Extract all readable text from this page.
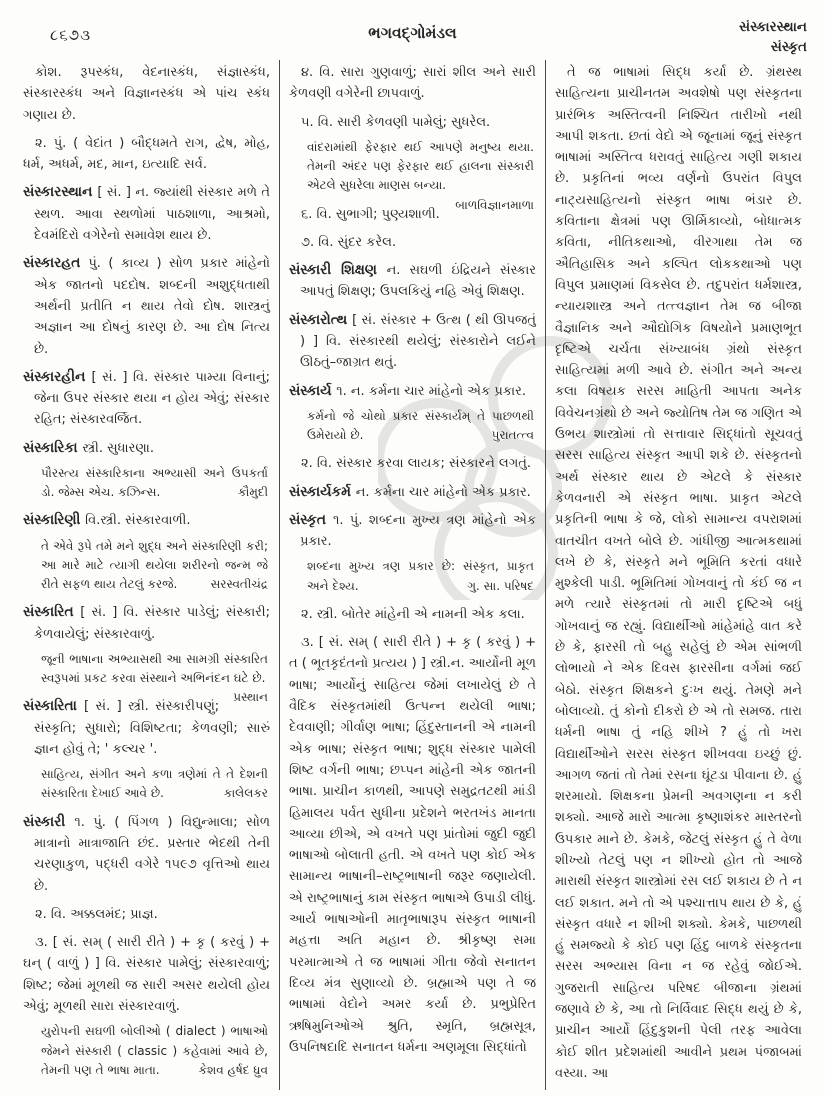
૮૬૭૩	ભગવદ્ગોમંડલ	સંસ્કારસ્થાન
સંસ્કૃત
કોશ. રૂપસ્કંધ, વેદનાસ્કંધ, સંજ્ઞાસ્કંધ, સંસ્કારસ્કંધ અને વિજ્ઞાનસ્કંધ એ પાંચ સ્કંધ ગણાય છે.
૨. પું. ( વેદાંત ) બૌદ્ધમતે રાગ, દ્વેષ, મોહ, ધર્મ, અધર્મ, મદ, માન, ઇત્યાદિ સર્વ.
સંસ્કારસ્થાન [ સં. ] ન. જ્યાંથી સંસ્કાર મળે તે સ્થળ. આવા સ્થળોમાં પાઠશાળા, આશ્રમો, દેવમંદિરો વગેરેનો સમાવેશ થાય છે.
સંસ્કારહત પું. ( કાવ્ય ) સોળ પ્રકાર માંહેનો એક જાતનો પદદોષ. શબ્દની અશુદ્ધતાથી અર્થની પ્રતીતિ ન થાય તેવો દોષ. શાસ્ત્રનું અજ્ઞાન આ દોષનું કારણ છે. આ દોષ નિત્ય છે.
સંસ્કારહીન [ સં. ] વિ. સંસ્કાર પામ્યા વિનાનું; જેના ઉપર સંસ્કાર થયા ન હોય એવું; સંસ્કાર રહિત; સંસ્કારવર્જિત.
સંસ્કારિકા સ્ત્રી. સુધારણા.
પૌરસ્ત્ય સંસ્કારિકાના અભ્યાસી અને ઉપકર્તા ડો. જેમ્સ એચ. કઝિન્સ.	કૌમુદી
સંસ્કારિણી વિ.સ્ત્રી. સંસ્કારવાળી.
તે એવે રૂપે તમે મને શુદ્ધ અને સંસ્કારિણી કરી; આ મારે માટે ત્યાગી થયેલા શરીરનો જન્મ જે રીતે સફળ થાય તેટલું કરજે.	સરસ્વતીચંદ્ર
સંસ્કારિત [ સં. ] વિ. સંસ્કાર પાડેલું; સંસ્કારી; કેળવાયેલું; સંસ્કારવાળું.
જૂની ભાષાના અભ્યાસથી આ સામગ્રી સંસ્કારિત સ્વરૂપમાં પ્રકટ કરવા સંસ્થાને અભિનંદન ઘટે છે.
પ્રસ્થાન
સંસ્કારિતા [ સં. ] સ્ત્રી. સંસ્કારીપણું; સંસ્કૃતિ; સુધારો; વિશિષ્ટતા; કેળવણી; સારું જ્ઞાન હોવું તે; ' કલ્ચર '.
સાહિત્ય, સંગીત અને કળા ત્રણેમાં તે તે દેશની સંસ્કારિતા દેખાઈ આવે છે.	કાલેલકર
સંસ્કારી ૧. પું. ( પિંગળ ) વિદ્યુન્માલા; સોળ માત્રાનો માત્રાજાતિ છંદ. પ્રસ્તાર ભેદથી તેની ચરણાકુળ, પદ્ધરી વગેરે ૧૫૯૭ વૃત્તિઓ થાય છે.
૨. વિ. અક્કલમંદ; પ્રાજ્ઞ.
૩. [ સં. સમ્ ( સારી રીતે ) + કૃ ( કરવું ) + ઘન્ ( વાળું ) ] વિ. સંસ્કાર પામેલું; સંસ્કારવાળું; શિષ્ટ; જેમાં મૂળથી જ સારી અસર થયેલી હોય એવું; મૂળથી સારા સંસ્કારવાળું.
યુરોપની સઘળી બોલીઓ ( dialect ) ભાષાઓ જેમને સંસ્કારી ( classic ) કહેવામાં આવે છે, તેમની પણ તે ભાષા માતા.	કેશવ હર્ષદ ધ્રુવ
૪. વિ. સારા ગુણવાળું; સારાં શીલ અને સારી કેળવણી વગેરેની છાપવાળું.
૫. વિ. સારી કેળવણી પામેલું; સુધરેલ.
વાંદરામાંથી ફેરફાર થઈ આપણે મનુષ્ય થયા. તેમની અંદર પણ ફેરફાર થઈ હાલના સંસ્કારી એટલે સુધરેલા માણસ બન્યા.
બાળવિજ્ઞાનમાળા
૬. વિ. સુભાગી; પુણ્યશાળી.
૭. વિ. સુંદર કરેલ.
સંસ્કારી શિક્ષણ ન. સઘળી ઇંદ્રિયને સંસ્કાર આપતું શિક્ષણ; ઉપલકિયું નહિ એવું શિક્ષણ.
સંસ્કારોત્થ [ સં. સંસ્કાર + ઉત્થ ( થી ઊપજતું ) ] વિ. સંસ્કારથી થયેલું; સંસ્કારોને લઈને ઊઠતું–જાગ્રત થતું.
સંસ્કાર્ય ૧. ન. કર્મના ચાર માંહેનો એક પ્રકાર.
કર્મનો જે ચોથો પ્રકાર સંસ્કાર્યમ્ તે પાછળથી ઉમેરાયો છે.	પુરાતત્ત્વ
૨. વિ. સંસ્કાર કરવા લાયક; સંસ્કારને લગતું.
સંસ્કાર્યકર્મ ન. કર્મના ચાર માંહેનો એક પ્રકાર.
સંસ્કૃત ૧. પું. શબ્દના મુખ્ય ત્રણ માંહેનો એક પ્રકાર.
શબ્દના મુખ્ય ત્રણ પ્રકાર છે: સંસ્કૃત, પ્રાકૃત અને દેશ્ય.	ગુ. સા. પરિષદ
૨. સ્ત્રી. બોતેર માંહેની એ નામની એક કલા.
૩. [ સં. સમ્ ( સારી રીતે ) + કૃ ( કરવું ) + ત ( ભૂતકૃદંતનો પ્રત્યય ) ] સ્ત્રી.ન. આર્યોની મૂળ ભાષા; આર્યોનું સાહિત્ય જેમાં લખાયેલું છે તે વૈદિક સંસ્કૃતમાંથી ઉત્પન્ન થયેલી ભાષા; દેવવાણી; ગીર્વાણ ભાષા; હિંદુસ્તાનની એ નામની એક ભાષા; સંસ્કૃત ભાષા; શુદ્ધ સંસ્કાર પામેલી શિષ્ટ વર્ગની ભાષા; છપ્પન માંહેની એક જાતની ભાષા. પ્રાચીન કાળથી, આપણે સમુદ્રતટથી માંડી હિમાલય પર્વત સુધીના પ્રદેશને ભરતખંડ માનતા આવ્યા છીએ, એ વખતે પણ પ્રાંતોમાં જુદી જુદી ભાષાઓ બોલાતી હતી. એ વખતે પણ કોઈ એક સામાન્ય ભાષાની–રાષ્ટ્રભાષાની જરૂર જણાયેલી. એ રાષ્ટ્રભાષાનું કામ સંસ્કૃત ભાષાએ ઉપાડી લીધું. આર્ય ભાષાઓની માતૃભાષારૂપ સંસ્કૃત ભાષાની મહત્તા અતિ મહાન છે. શ્રીકૃષ્ણ સમા પરમાત્માએ તે જ ભાષામાં ગીતા જેવો સનાતન દિવ્ય મંત્ર સુણાવ્યો છે. બ્રહ્માએ પણ તે જ ભાષામાં વેદોને અમર કર્યા છે. પ્રભુપ્રેરિત ઋષિમુનિઓએ શ્રુતિ, સ્મૃતિ, બ્રહ્મસૂત્ર, ઉપનિષદાદિ સનાતન ધર્મના અણમૂલા સિદ્ધાંતો
તે જ ભાષામાં સિદ્ધ કર્યા છે. ગ્રંથસ્થ સાહિત્યના પ્રાચીનતમ અવશેષો પણ સંસ્કૃતના પ્રારંભિક અસ્તિત્વની નિશ્ચિત તારીખો નથી આપી શકતા. છતાં વેદો એ જૂનામાં જૂનું સંસ્કૃત ભાષામાં અસ્તિત્વ ધરાવતું સાહિત્ય ગણી શકાય છે. પ્રકૃતિનાં ભવ્ય વર્ણનો ઉપરાંત વિપુલ નાટ્યસાહિત્યનો સંસ્કૃત ભાષા ભંડાર છે. કવિતાના ક્ષેત્રમાં પણ ઊર્મિકાવ્યો, બોધાત્મક કવિતા, નીતિકથાઓ, વીરગાથા તેમ જ ઐતિહાસિક અને કલ્પિત લોકકથાઓ પણ વિપુલ પ્રમાણમાં વિકસેલ છે. તદુપરાંત ધર્મશાસ્ત્ર, ન્યાયશાસ્ત્ર અને તત્ત્વજ્ઞાન તેમ જ બીજા વૈજ્ઞાનિક અને ઔદ્યોગિક વિષયોને પ્રમાણભૂત દૃષ્ટિએ ચર્ચતા સંખ્યાબંધ ગ્રંથો સંસ્કૃત સાહિત્યમાં મળી આવે છે. સંગીત અને અન્ય કલા વિષયક સરસ માહિતી આપતા અનેક વિવેચનગ્રંથો છે અને જ્યોતિષ તેમ જ ગણિત એ ઉભય શાસ્ત્રોમાં તો સત્તાવાર સિદ્ધાંતો સૂચવતું સરસ સાહિત્ય સંસ્કૃત આપી શકે છે. સંસ્કૃતનો અર્થ સંસ્કાર થાય છે એટલે કે સંસ્કાર કેળવનારી એ સંસ્કૃત ભાષા. પ્રાકૃત એટલે પ્રકૃતિની ભાષા કે જે, લોકો સામાન્ય વપરાશમાં વાતચીત વખતે બોલે છે. ગાંધીજી આત્મકથામાં લખે છે કે, સંસ્કૃતે મને ભૂમિતિ કરતાં વધારે મુશ્કેલી પાડી. ભૂમિતિમાં ગોખવાનું તો કંઈ જ ન મળે ત્યારે સંસ્કૃતમાં તો મારી દૃષ્ટિએ બધું ગોખવાનું જ રહ્યું. વિદ્યાર્થીઓ માંહેમાંહે વાત કરે છે કે, ફારસી તો બહુ સહેલું છે એમ સાંભળી લોભાયો ને એક દિવસ ફારસીના વર્ગમાં જઈ બેઠો. સંસ્કૃત શિક્ષકને દુઃખ થયું. તેમણે મને બોલાવ્યો. તું કોનો દીકરો છે એ તો સમજ. તારા ધર્મની ભાષા તું નહિ શીખે ? હું તો ખરા વિદ્યાર્થીઓને સરસ સંસ્કૃત શીખવવા ઇચ્છું છું. આગળ જતાં તો તેમાં રસના ઘૂંટડા પીવાના છે. હું શરમાયો. શિક્ષકના પ્રેમની અવગણના ન કરી શક્યો. આજે મારો આત્મા કૃષ્ણાશંકર માસ્તરનો ઉપકાર માને છે. કેમકે, જેટલું સંસ્કૃત હું તે વેળા શીખ્યો તેટલું પણ ન શીખ્યો હોત તો આજે મારાથી સંસ્કૃત શાસ્ત્રોમાં રસ લઈ શકાય છે તે ન લઈ શકાત. મને તો એ પશ્ચાત્તાપ થાય છે કે, હું સંસ્કૃત વધારે ન શીખી શક્યો. કેમકે, પાછળથી હું સમજ્યો કે કોઈ પણ હિંદુ બાળકે સંસ્કૃતના સરસ અભ્યાસ વિના ન જ રહેવું જોઈએ. ગુજરાતી સાહિત્ય પરિષદ બીજાના ગ્રંથમાં જણાવે છે કે, આ તો નિર્વિવાદ સિદ્ધ થયું છે કે, પ્રાચીન આર્યો હિંદુકુશની પેલી તરફ આવેલા કોઈ શીત પ્રદેશમાંથી આવીને પ્રથમ પંજાબમાં વસ્યા. આ
